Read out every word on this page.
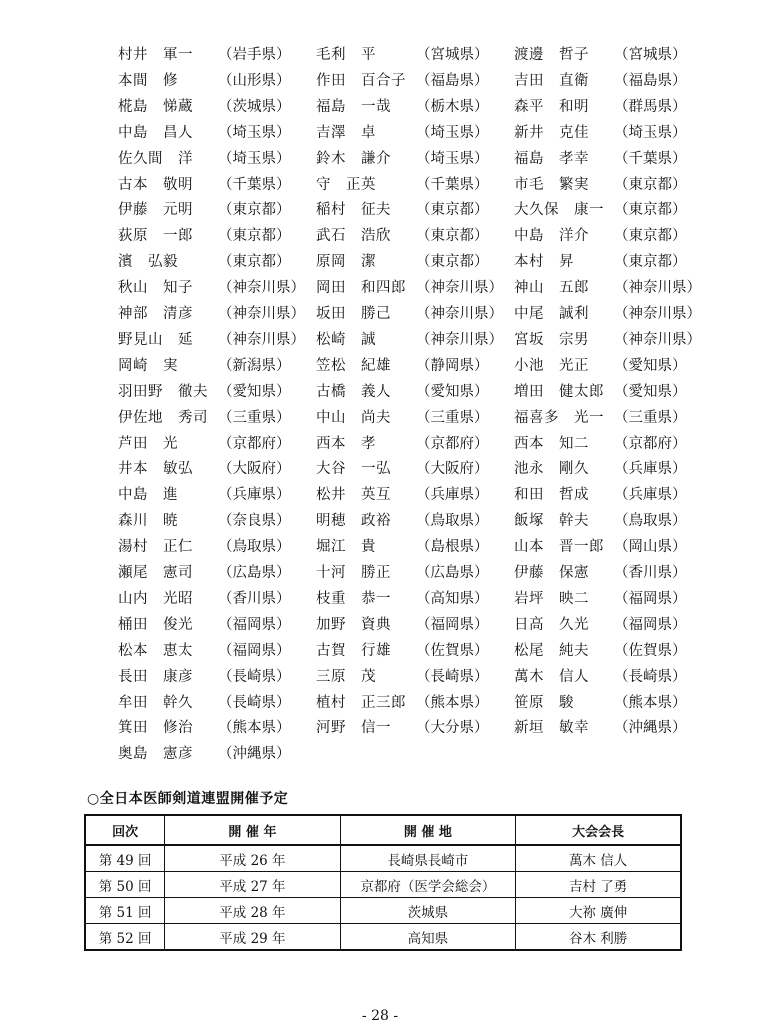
村井　軍一 （岩手県） 毛利　平	（宮城県） 渡邊　哲子 （宮城県）
本間　修	（山形県） 作田　百合子 （福島県） 吉田　直衛 （福島県）
椛島　悌蔵 （茨城県） 福島　一哉 （栃木県） 森平　和明 （群馬県）
中島　昌人 （埼玉県） 吉澤　卓	（埼玉県） 新井　克佳 （埼玉県）
佐久間　洋 （埼玉県） 鈴木　謙介 （埼玉県） 福島　孝幸 （千葉県）
古本　敬明 （千葉県） 守　正英	（千葉県） 市毛　繁実 （東京都）
伊藤　元明 （東京都） 稲村　征夫 （東京都） 大久保　康一 （東京都）
荻原　一郎 （東京都） 武石　浩欣 （東京都） 中島　洋介 （東京都）
濱　弘毅	（東京都） 原岡　潔	（東京都） 本村　昇	（東京都）
秋山　知子 （神奈川県） 岡田　和四郎 （神奈川県） 神山　五郎 （神奈川県）
神部　清彦 （神奈川県） 坂田　勝己 （神奈川県） 中尾　誠利 （神奈川県）
野見山　延 （神奈川県） 松崎　誠	（神奈川県） 宮坂　宗男 （神奈川県）
岡崎　実	（新潟県） 笠松　紀雄 （静岡県） 小池　光正 （愛知県）
羽田野　徹夫 （愛知県） 古橋　義人 （愛知県） 増田　健太郎 （愛知県）
伊佐地　秀司 （三重県） 中山　尚夫 （三重県） 福喜多　光一 （三重県）
芦田　光	（京都府） 西本　孝	（京都府） 西本　知二 （京都府）
井本　敏弘 （大阪府） 大谷　一弘 （大阪府） 池永　剛久 （兵庫県）
中島　進	（兵庫県） 松井　英互 （兵庫県） 和田　哲成 （兵庫県）
森川　暁	（奈良県） 明穂　政裕 （鳥取県） 飯塚　幹夫 （鳥取県）
湯村　正仁 （鳥取県） 堀江　貴	（島根県） 山本　晋一郎 （岡山県）
瀬尾　憲司 （広島県） 十河　勝正 （広島県） 伊藤　保憲 （香川県）
山内　光昭 （香川県） 枝重　恭一 （高知県） 岩坪　映二 （福岡県）
桶田　俊光 （福岡県） 加野　資典 （福岡県） 日高　久光 （福岡県）
松本　恵太 （福岡県） 古賀　行雄 （佐賀県） 松尾　純夫 （佐賀県）
長田　康彦 （長崎県） 三原　茂	（長崎県） 萬木　信人 （長崎県）
牟田　幹久 （長崎県） 植村　正三郎 （熊本県） 笹原　駿	（熊本県）
箕田　修治 （熊本県） 河野　信一 （大分県） 新垣　敏幸 （沖縄県）
奥島　憲彦 （沖縄県）
○全日本医師剣道連盟開催予定
回次	開 催 年	開 催 地	大会会長
第 49 回	平成 26 年	長崎県長崎市	萬木 信人
第 50 回	平成 27 年	京都府（医学会総会）	吉村 了勇
第 51 回	平成 28 年	茨城県	大祢 廣伸
第 52 回	平成 29 年	高知県	谷木 利勝
- 28 -
